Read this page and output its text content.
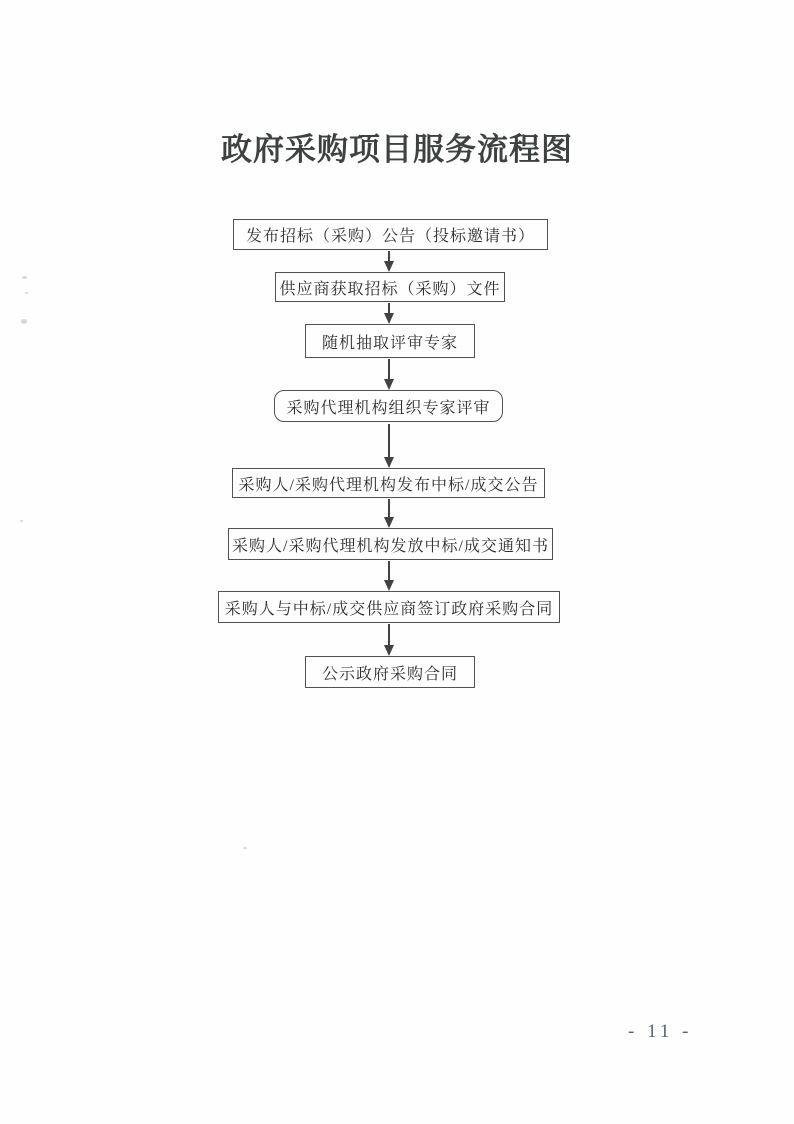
政府采购项目服务流程图
发布招标（采购）公告（投标邀请书）
供应商获取招标（采购）文件
随机抽取评审专家
采购代理机构组织专家评审
采购人/采购代理机构发布中标/成交公告
采购人/采购代理机构发放中标/成交通知书
采购人与中标/成交供应商签订政府采购合同
公示政府采购合同
- 11 -
